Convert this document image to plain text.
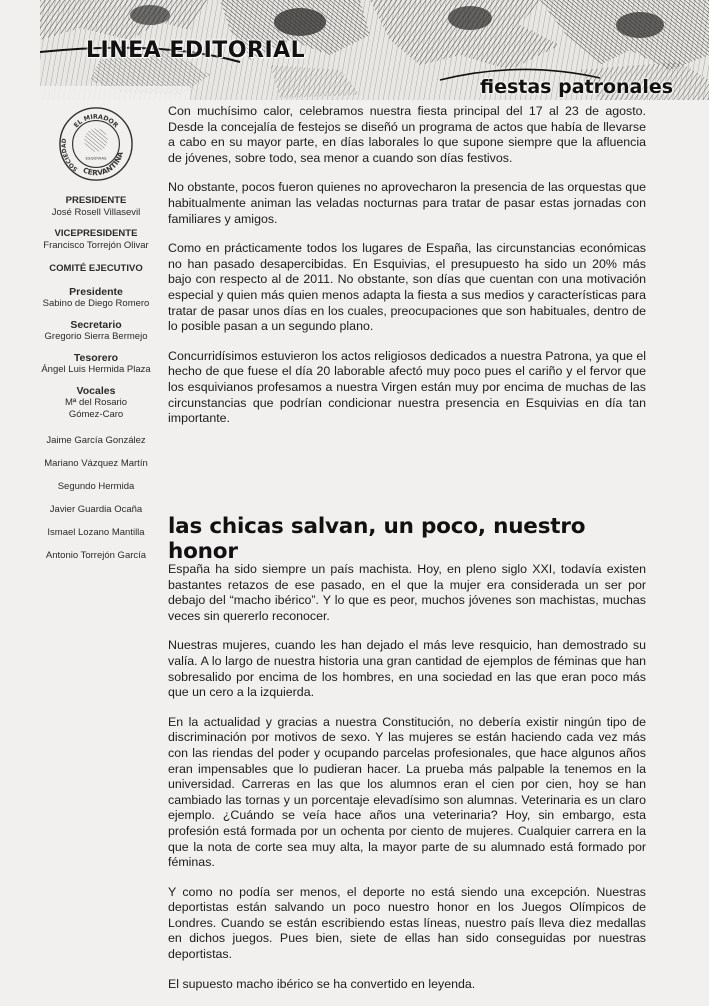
LINEA EDITORIAL
fiestas patronales
EL MIRADOR
CERVANTINA
SOCIEDAD
ESQUIVIAS
PRESIDENTE
José Rosell Villasevil
VICEPRESIDENTE
Francisco Torrejón Olivar
COMITÉ EJECUTIVO
Presidente
Sabino de Diego Romero
Secretario
Gregorio Sierra Bermejo
Tesorero
Ángel Luis Hermida Plaza
Vocales
Mª del Rosario
Gómez-Caro
Jaime García González
Mariano Vázquez Martín
Segundo Hermida
Javier Guardia Ocaña
Ismael Lozano Mantilla
Antonio Torrejón García

Con muchísimo calor, celebramos nuestra fiesta principal del 17 al 23 de agosto. Desde la concejalía de festejos se diseñó un programa de actos que había de llevarse a cabo en su mayor parte, en días laborales lo que supone siempre que la afluencia de jóvenes, sobre todo, sea menor a cuando son días festivos.

No obstante, pocos fueron quienes no aprovecharon la presencia de las orquestas que habitualmente animan las veladas nocturnas para tratar de pasar estas jornadas con familiares y amigos.

Como en prácticamente todos los lugares de España, las circunstancias económicas no han pasado desapercibidas. En Esquivias, el presupuesto ha sido un 20% más bajo con respecto al de 2011. No obstante, son días que cuentan con una motivación especial y quien más quien menos adapta la fiesta a sus medios y características para tratar de pasar unos días en los cuales, preocupaciones que son habituales, dentro de lo posible pasan a un segundo plano.

Concurridísimos estuvieron los actos religiosos dedicados a nuestra Patrona, ya que el hecho de que fuese el día 20 laborable afectó muy poco pues el cariño y el fervor que los esquivianos profesamos a nuestra Virgen están muy por encima de muchas de las circunstancias que podrían condicionar nuestra presencia en Esquivias en día tan importante.

las chicas salvan, un poco, nuestro honor

España ha sido siempre un país machista. Hoy, en pleno siglo XXI, todavía existen bastantes retazos de ese pasado, en el que la mujer era considerada un ser por debajo del “macho ibérico”. Y lo que es peor, muchos jóvenes son machistas, muchas veces sin quererlo reconocer.

Nuestras mujeres, cuando les han dejado el más leve resquicio, han demostrado su valía. A lo largo de nuestra historia una gran cantidad de ejemplos de féminas que han sobresalido por encima de los hombres, en una sociedad en las que eran poco más que un cero a la izquierda.

En la actualidad y gracias a nuestra Constitución, no debería existir ningún tipo de discriminación por motivos de sexo. Y las mujeres se están haciendo cada vez más con las riendas del poder y ocupando parcelas profesionales, que hace algunos años eran impensables que lo pudieran hacer. La prueba más palpable la tenemos en la universidad. Carreras en las que los alumnos eran el cien por cien, hoy se han cambiado las tornas y un porcentaje elevadísimo son alumnas. Veterinaria es un claro ejemplo. ¿Cuándo se veía hace años una veterinaria? Hoy, sin embargo, esta profesión está formada por un ochenta por ciento de mujeres. Cualquier carrera en la que la nota de corte sea muy alta, la mayor parte de su alumnado está formado por féminas.

Y como no podía ser menos, el deporte no está siendo una excepción. Nuestras deportistas están salvando un poco nuestro honor en los Juegos Olímpicos de Londres. Cuando se están escribiendo estas líneas, nuestro país lleva diez medallas en dichos juegos. Pues bien, siete de ellas han sido conseguidas por nuestras deportistas.

El supuesto macho ibérico se ha convertido en leyenda.
